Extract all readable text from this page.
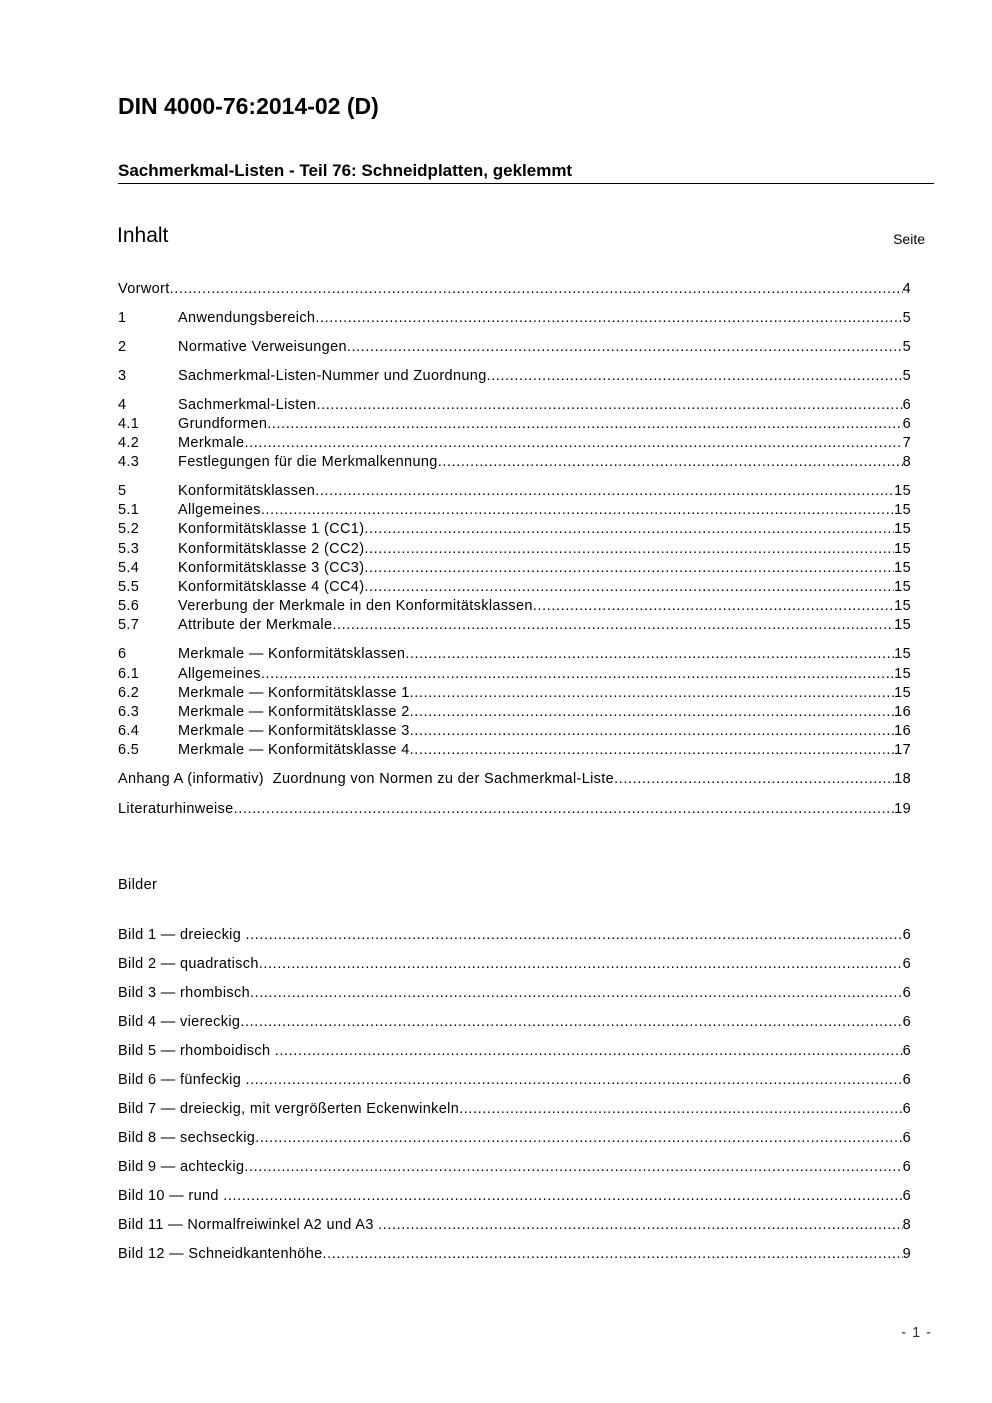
DIN 4000-76:2014-02 (D)
Sachmerkmal-Listen - Teil 76: Schneidplatten, geklemmt
Inhalt	Seite
Vorwort .....	4
1	Anwendungsbereich .....	5
2	Normative Verweisungen .....	5
3	Sachmerkmal-Listen-Nummer und Zuordnung .....	5
4	Sachmerkmal-Listen .....	6
4.1	Grundformen .....	6
4.2	Merkmale .....	7
4.3	Festlegungen für die Merkmalkennung .....	8
5	Konformitätsklassen .....	15
5.1	Allgemeines .....	15
5.2	Konformitätsklasse 1 (CC1) .....	15
5.3	Konformitätsklasse 2 (CC2) .....	15
5.4	Konformitätsklasse 3 (CC3) .....	15
5.5	Konformitätsklasse 4 (CC4) .....	15
5.6	Vererbung der Merkmale in den Konformitätsklassen .....	15
5.7	Attribute der Merkmale .....	15
6	Merkmale — Konformitätsklassen .....	15
6.1	Allgemeines .....	15
6.2	Merkmale — Konformitätsklasse 1 .....	15
6.3	Merkmale — Konformitätsklasse 2 .....	16
6.4	Merkmale — Konformitätsklasse 3 .....	16
6.5	Merkmale — Konformitätsklasse 4 .....	17
Anhang A (informativ)  Zuordnung von Normen zu der Sachmerkmal-Liste .....	18
Literaturhinweise .....	19
Bilder
Bild 1 — dreieckig .....	6
Bild 2 — quadratisch .....	6
Bild 3 — rhombisch .....	6
Bild 4 — viereckig .....	6
Bild 5 — rhomboidisch .....	6
Bild 6 — fünfeckig .....	6
Bild 7 — dreieckig, mit vergrößerten Eckenwinkeln .....	6
Bild 8 — sechseckig .....	6
Bild 9 — achteckig .....	6
Bild 10 — rund .....	6
Bild 11 — Normalfreiwinkel A2 und A3 .....	8
Bild 12 — Schneidkantenhöhe .....	9
- 1 -
